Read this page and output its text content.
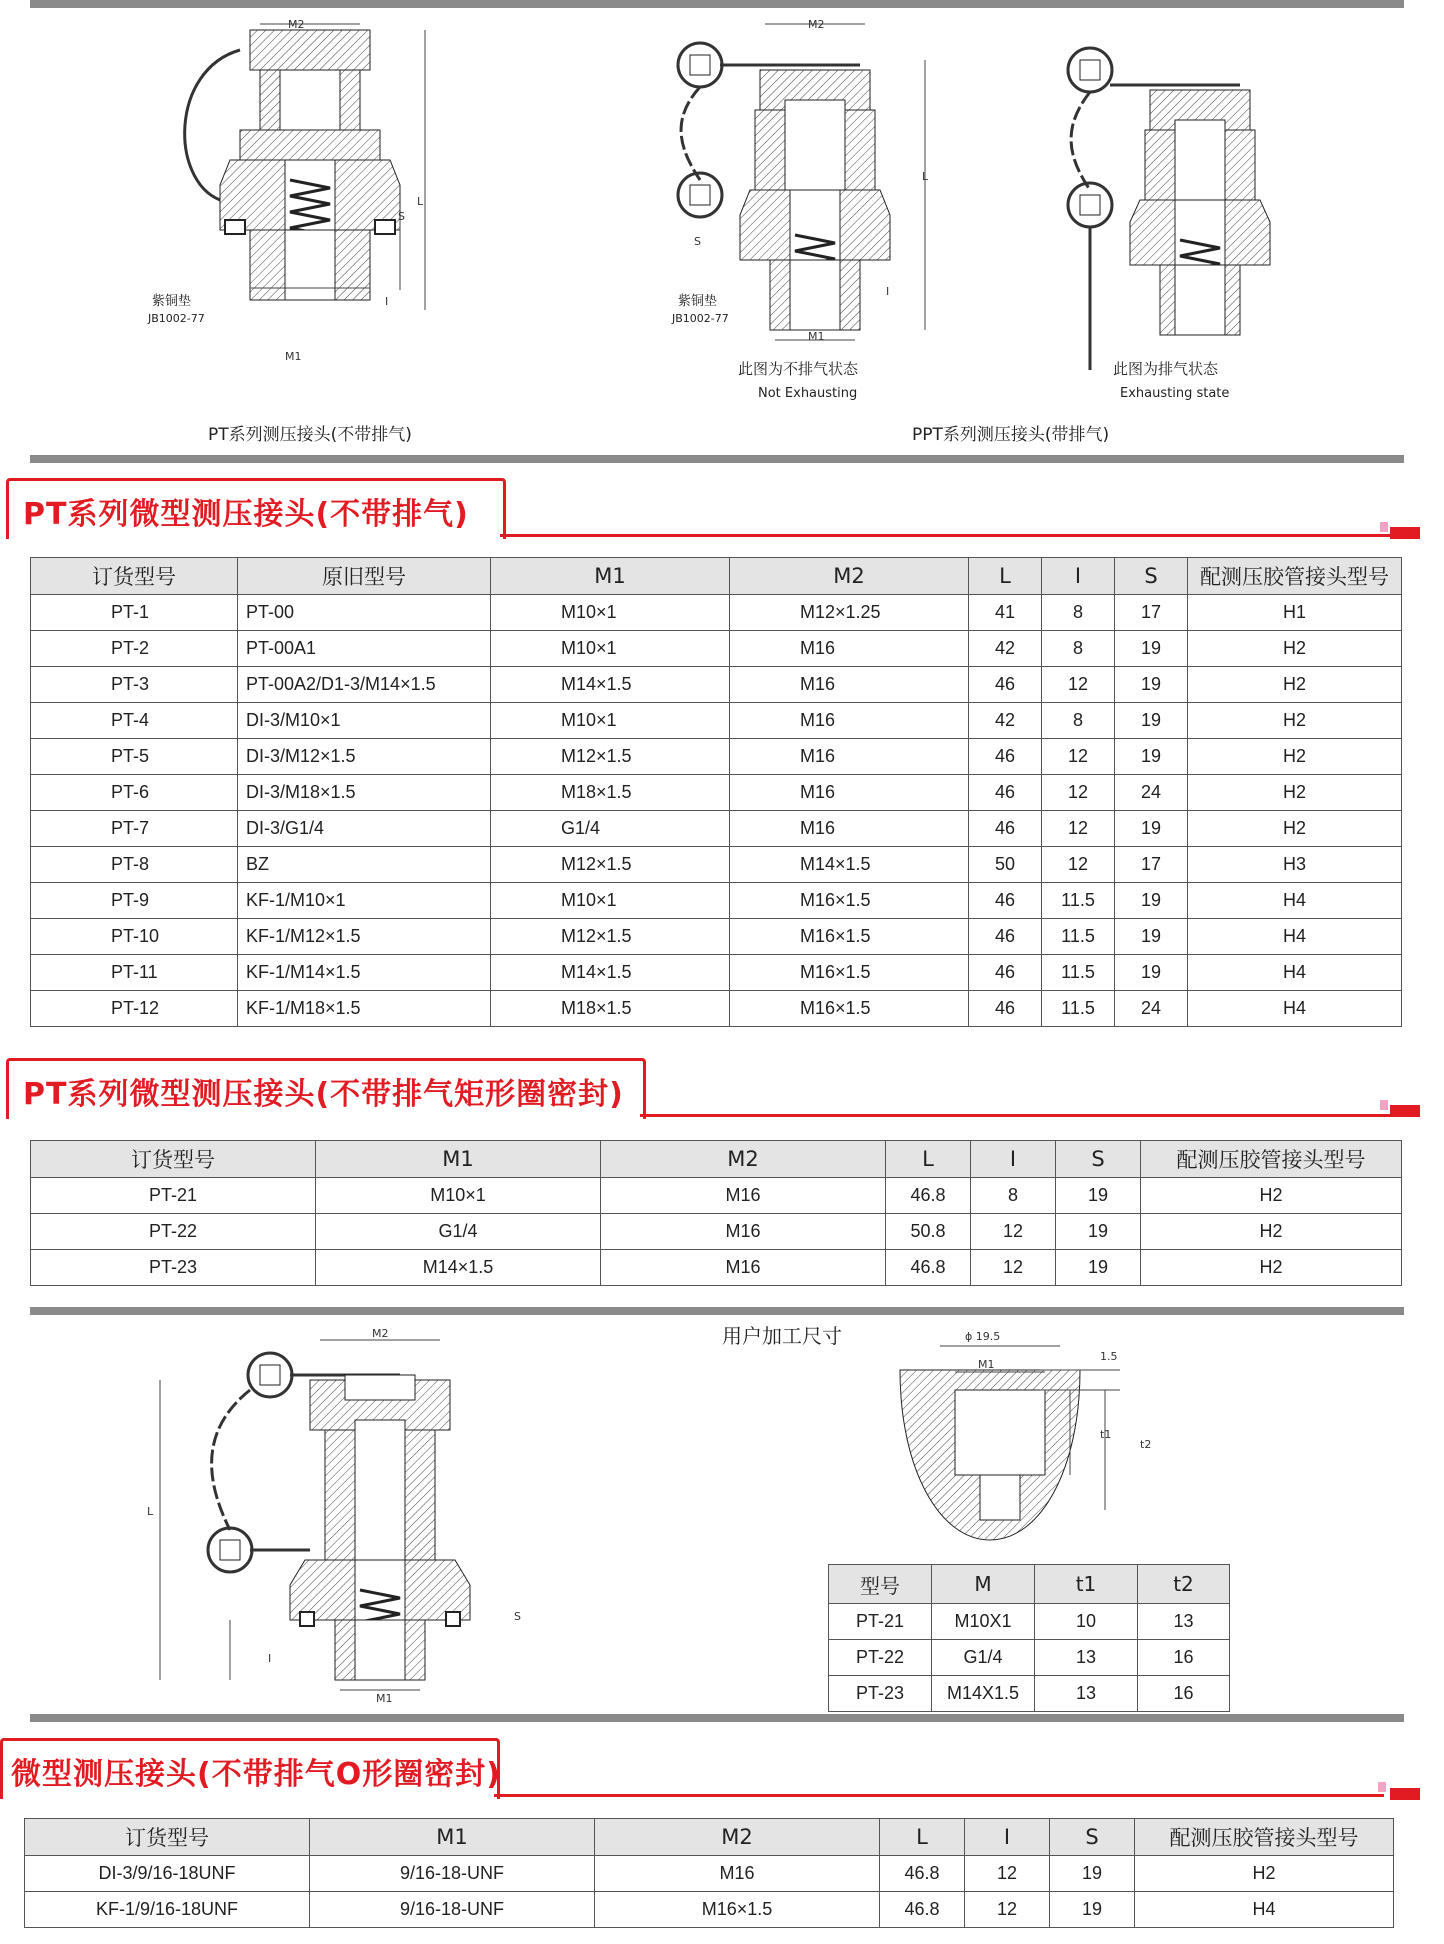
M2
M1
L
S
I
紫铜垫
JB1002-77
PT系列测压接头(不带排气)
M2
M1
L
S
I
紫铜垫
JB1002-77
此图为不排气状态
Not Exhausting
此图为排气状态
Exhausting state
PPT系列测压接头(带排气)
PT系列微型测压接头(不带排气)
订货型号	原旧型号	M1	M2	L	I	S	配测压胶管接头型号
PT-1	PT-00	M10×1	M12×1.25	41	8	17	H1
PT-2	PT-00A1	M10×1	M16	42	8	19	H2
PT-3	PT-00A2/D1-3/M14×1.5	M14×1.5	M16	46	12	19	H2
PT-4	DI-3/M10×1	M10×1	M16	42	8	19	H2
PT-5	DI-3/M12×1.5	M12×1.5	M16	46	12	19	H2
PT-6	DI-3/M18×1.5	M18×1.5	M16	46	12	24	H2
PT-7	DI-3/G1/4	G1/4	M16	46	12	19	H2
PT-8	BZ	M12×1.5	M14×1.5	50	12	17	H3
PT-9	KF-1/M10×1	M10×1	M16×1.5	46	11.5	19	H4
PT-10	KF-1/M12×1.5	M12×1.5	M16×1.5	46	11.5	19	H4
PT-11	KF-1/M14×1.5	M14×1.5	M16×1.5	46	11.5	19	H4
PT-12	KF-1/M18×1.5	M18×1.5	M16×1.5	46	11.5	24	H4
PT系列微型测压接头(不带排气矩形圈密封)
订货型号	M1	M2	L	I	S	配测压胶管接头型号
PT-21	M10×1	M16	46.8	8	19	H2
PT-22	G1/4	M16	50.8	12	19	H2
PT-23	M14×1.5	M16	46.8	12	19	H2
M2
L
S
I
M1
用户加工尺寸	ϕ 19.5
M1
1.5
t1
t2
型号	M	t1	t2
PT-21	M10X1	10	13
PT-22	G1/4	13	16
PT-23	M14X1.5	13	16
微型测压接头(不带排气O形圈密封)
订货型号	M1	M2	L	I	S	配测压胶管接头型号
DI-3/9/16-18UNF	9/16-18-UNF	M16	46.8	12	19	H2
KF-1/9/16-18UNF	9/16-18-UNF	M16×1.5	46.8	12	19	H4
